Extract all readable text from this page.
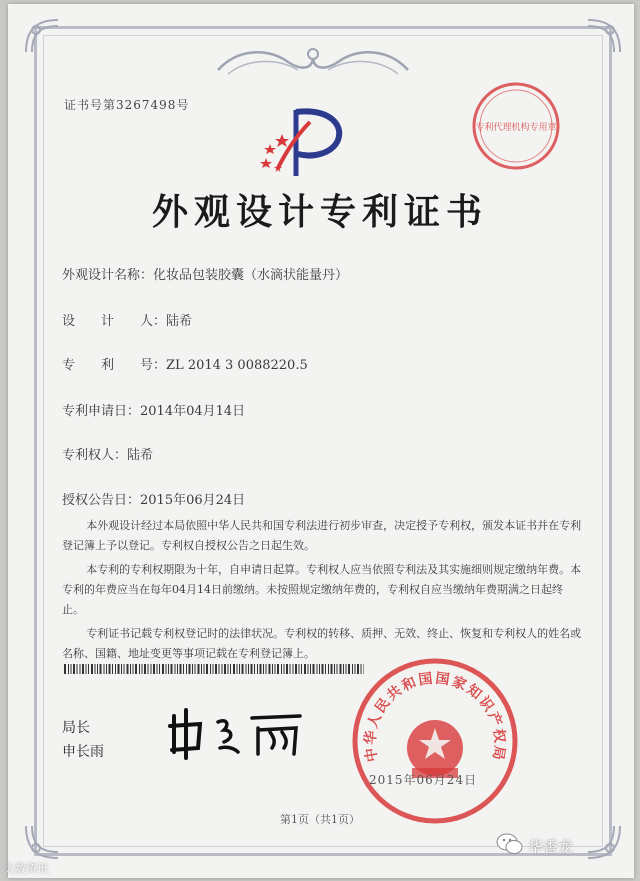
证书号第3267498号
专利代理机构专用章
外观设计专利证书
外观设计名称：化妆品包装胶囊（水滴状能量丹）
设　　计　　人：陆希
专　　利　　号：ZL 2014 3 0088220.5
专利申请日：2014年04月14日
专利权人：陆希
授权公告日：2015年06月24日

本外观设计经过本局依照中华人民共和国专利法进行初步审查，决定授予专利权，颁发本证书并在专利登记簿上予以登记。专利权自授权公告之日起生效。

本专利的专利权期限为十年，自申请日起算。专利权人应当依照专利法及其实施细则规定缴纳年费。本专利的年费应当在每年04月14日前缴纳。未按照规定缴纳年费的，专利权自应当缴纳年费期满之日起终止。

专利证书记载专利权登记时的法律状况。专利权的转移、质押、无效、终止、恢复和专利权人的姓名或名称、国籍、地址变更等事项记载在专利登记簿上。

局长
申长雨	中华人民共和国国家知识产权局
2015年06月24日
第1页（共1页）
大数资讯
华香龙
